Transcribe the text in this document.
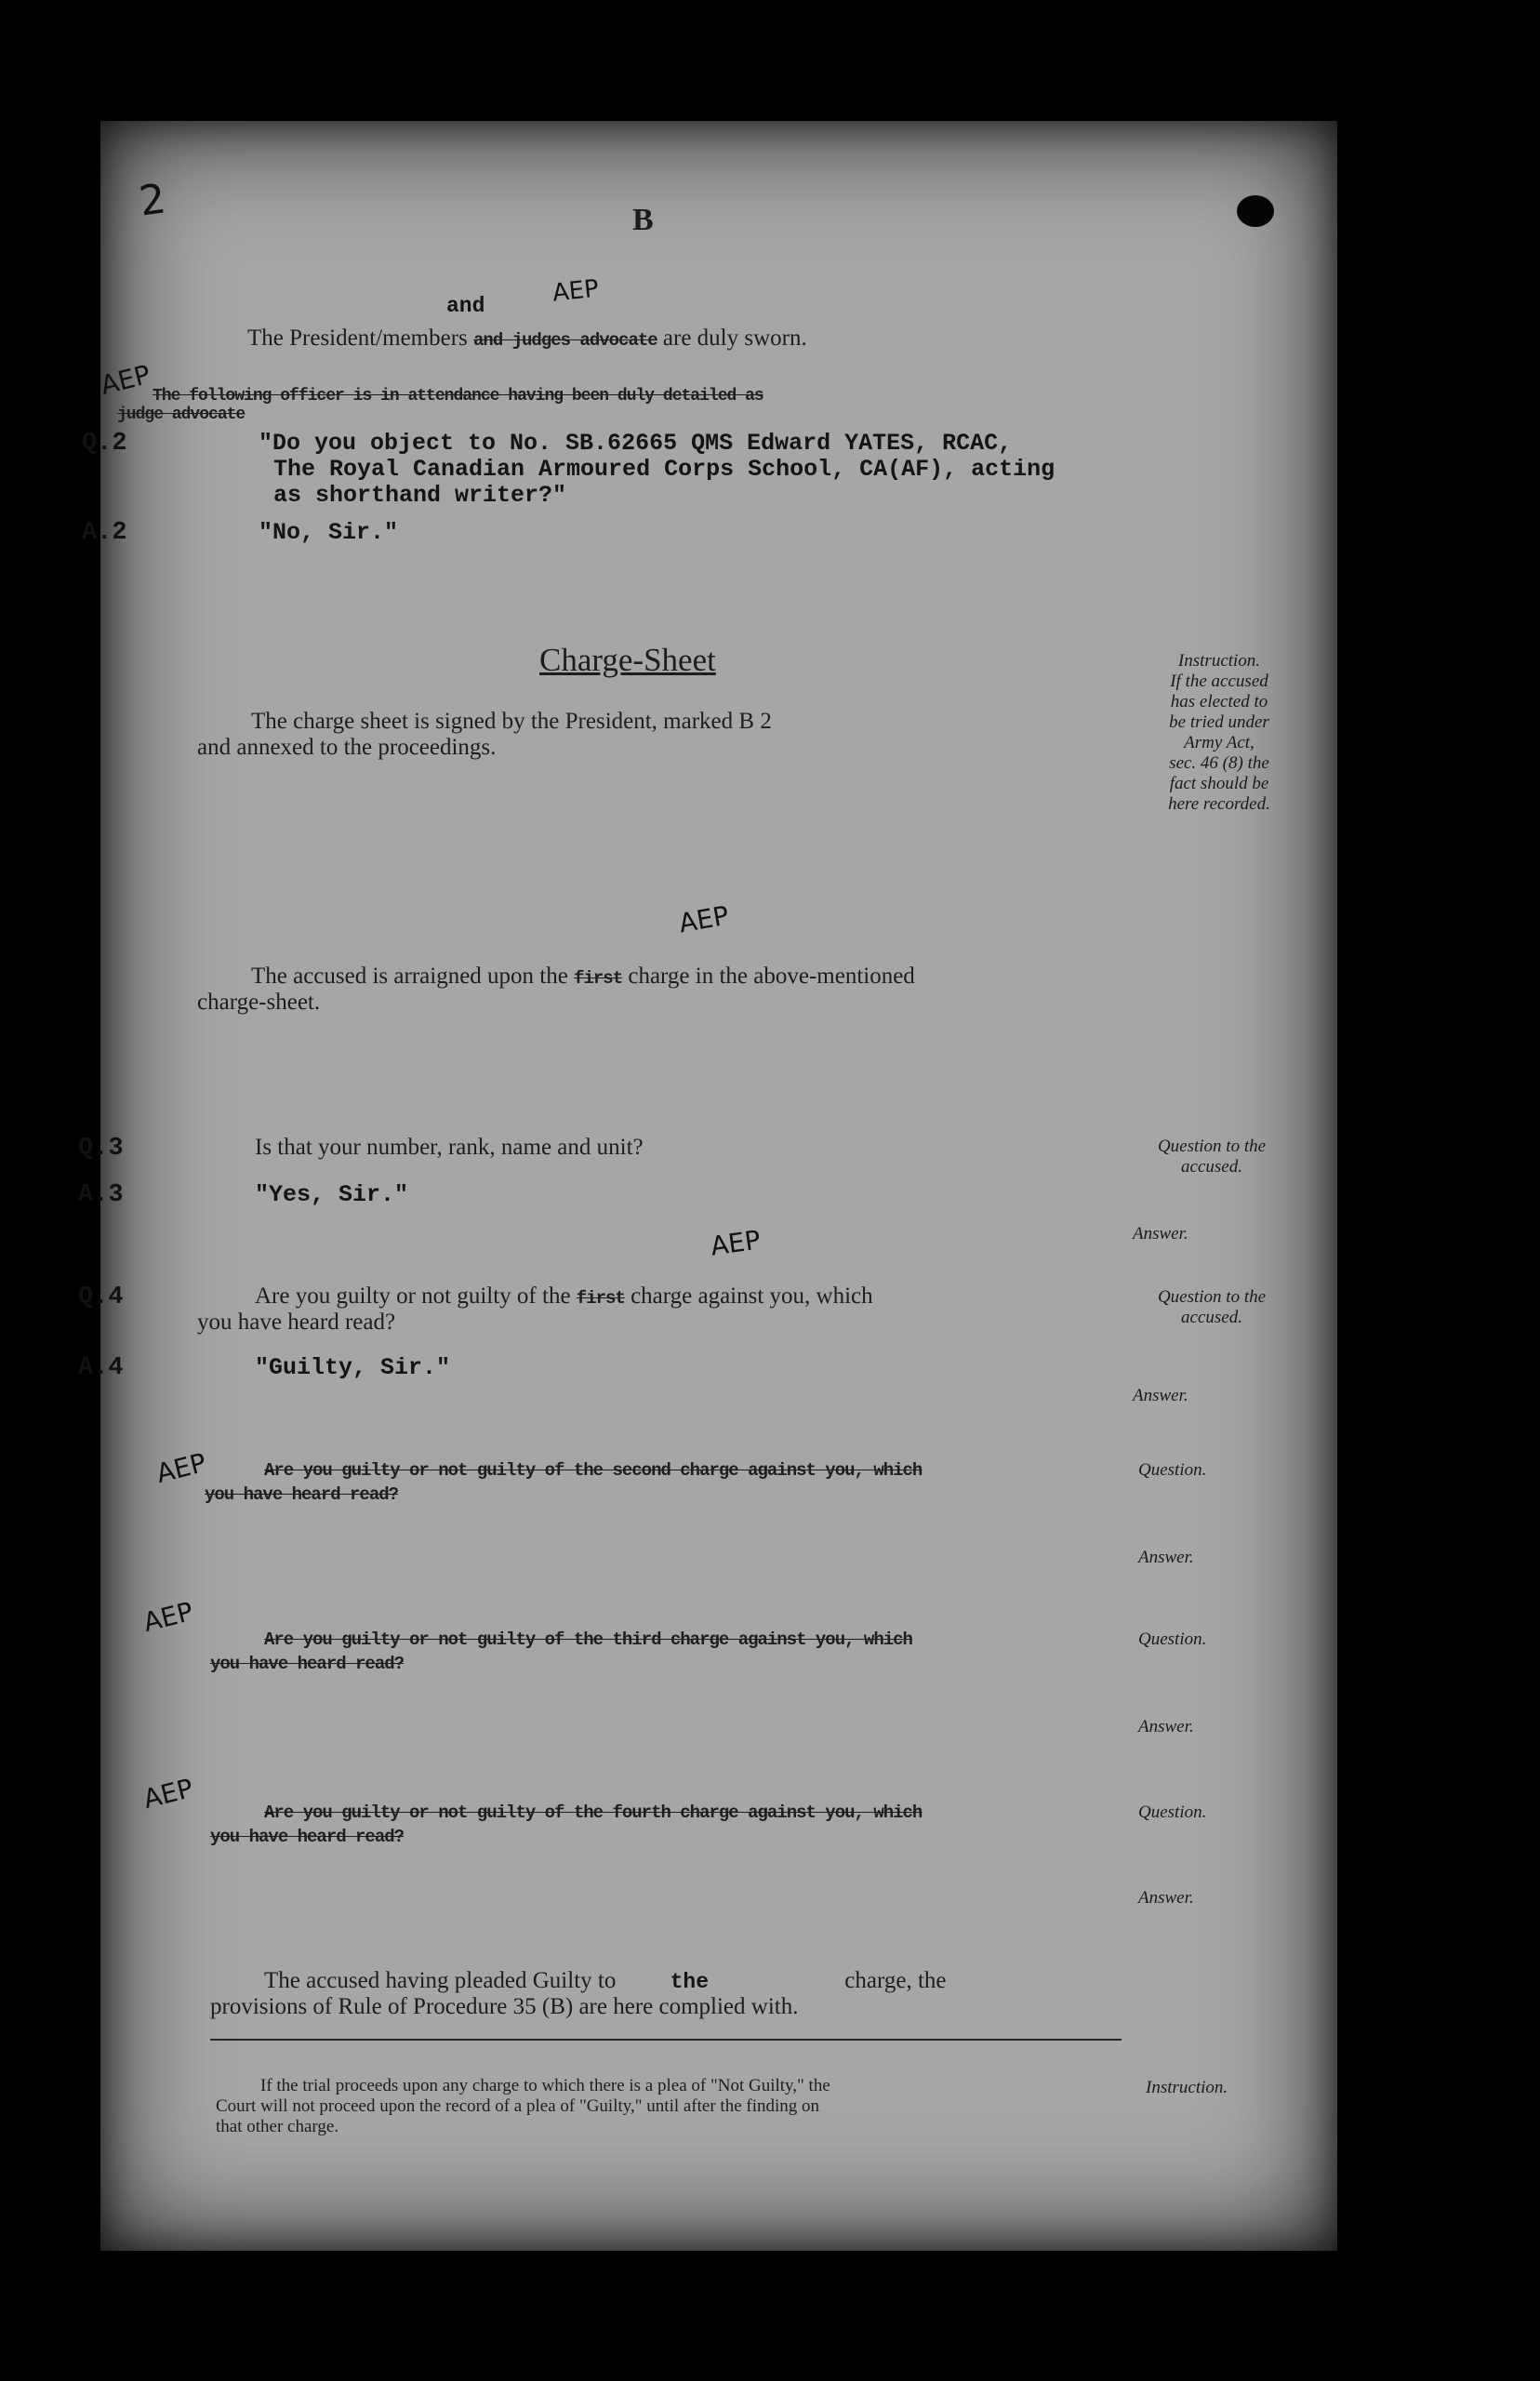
2	B
and	AEP
The President/members and judges advocate are duly sworn.
AEP The following officer is in attendance having been duly detailed as
judge advocate
Q.2	"Do you object to No. SB.62665 QMS Edward YATES, RCAC,
The Royal Canadian Armoured Corps School, CA(AF), acting
as shorthand writer?"
A.2	"No, Sir."
Charge-Sheet
The charge sheet is signed by the President, marked B 2
and annexed to the proceedings.
Instruction.
If the accused
has elected to
be tried under
Army Act,
sec. 46 (8) the
fact should be
here recorded.
AEP
The accused is arraigned upon the first charge in the above-mentioned
charge-sheet.
Q.3	Is that your number, rank, name and unit?	Question to the accused.
A.3	"Yes, Sir."
Answer.
AEP
Q.4	Are you guilty or not guilty of the first charge against you, which
you have heard read?
Question to the accused.
A.4	"Guilty, Sir."
Answer.
AEP	Are you guilty or not guilty of the second charge against you, which
you have heard read?
Question.
Answer.
AEP
Are you guilty or not guilty of the third charge against you, which
you have heard read?
Question.
Answer.
AEP	Are you guilty or not guilty of the fourth charge against you, which
you have heard read?
Question.
Answer.
The accused having pleaded Guilty to	the	charge, the
provisions of Rule of Procedure 35 (B) are here complied with.
If the trial proceeds upon any charge to which there is a plea of "Not Guilty," the
Court will not proceed upon the record of a plea of "Guilty," until after the finding on
that other charge.
Instruction.
